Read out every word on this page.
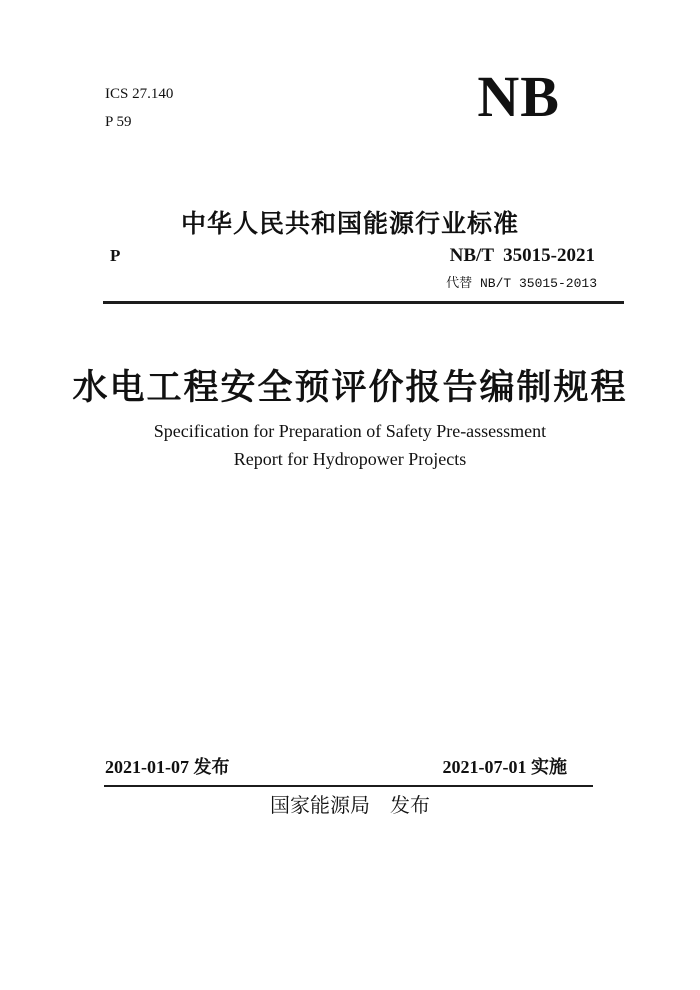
ICS 27.140
P 59	NB
中华人民共和国能源行业标准
P	NB/T  35015-2021
代替 NB/T 35015-2013
水电工程安全预评价报告编制规程
Specification for Preparation of Safety Pre-assessment
Report for Hydropower Projects
2021-01-07 发布	2021-07-01 实施
国家能源局　发布
